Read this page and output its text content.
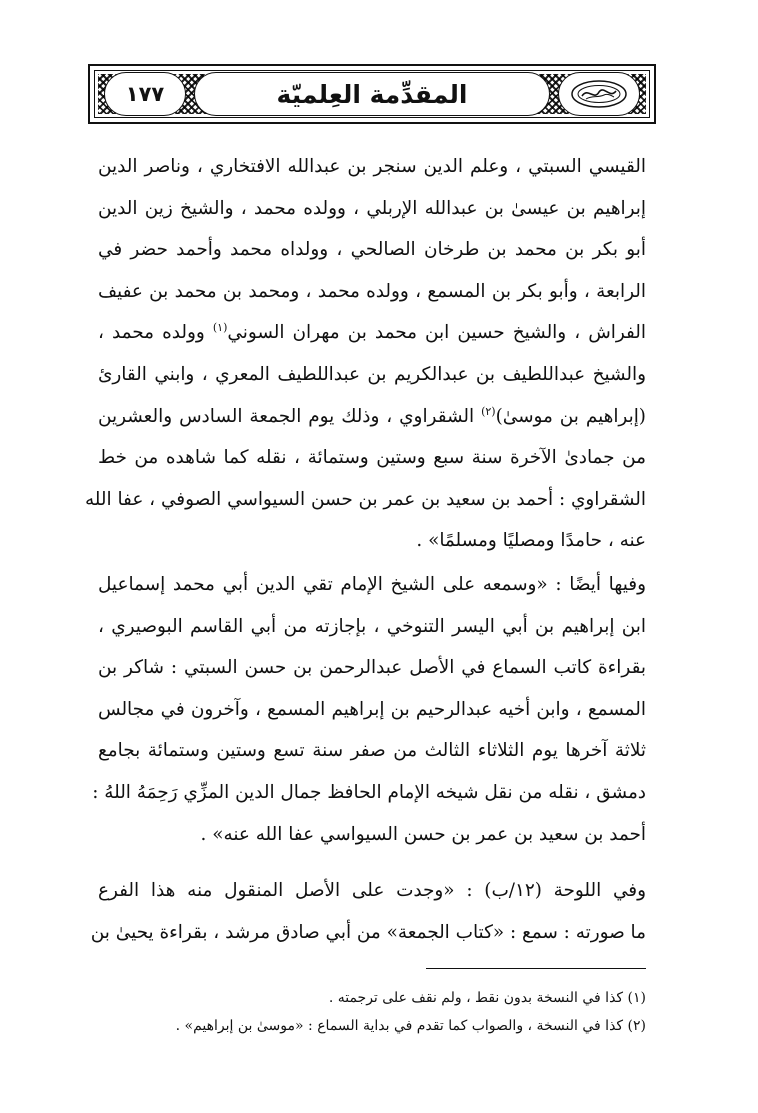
١٧٧	المقدِّمة العِلميّة
القيسي السبتي ، وعلم الدين سنجر بن عبدالله الافتخاري ، وناصر الدين
إبراهيم بن عيسىٰ بن عبدالله الإربلي ، وولده محمد ، والشيخ زين الدين
أبو بكر بن محمد بن طرخان الصالحي ، وولداه محمد وأحمد حضر في
الرابعة ، وأبو بكر بن المسمع ، وولده محمد ، ومحمد بن محمد بن عفيف
الفراش ، والشيخ حسين ابن محمد بن مهران السوني$^{(١)}$ وولده محمد ،
والشيخ عبداللطيف بن عبدالكريم بن عبداللطيف المعري ، وابني القارئ
(إبراهيم بن موسىٰ)$^{(٢)}$ الشقراوي ، وذلك يوم الجمعة السادس والعشرين
من جمادىٰ الآخرة سنة سبع وستين وستمائة ، نقله كما شاهده من خط
الشقراوي : أحمد بن سعيد بن عمر بن حسن السيواسي الصوفي ، عفا الله
عنه ، حامدًا ومصليًا ومسلمًا» .
وفيها أيضًا : «وسمعه على الشيخ الإمام تقي الدين أبي محمد إسماعيل
ابن إبراهيم بن أبي اليسر التنوخي ، بإجازته من أبي القاسم البوصيري ،
بقراءة كاتب السماع في الأصل عبدالرحمن بن حسن السبتي : شاكر بن
المسمع ، وابن أخيه عبدالرحيم بن إبراهيم المسمع ، وآخرون في مجالس
ثلاثة آخرها يوم الثلاثاء الثالث من صفر سنة تسع وستين وستمائة بجامع
دمشق ، نقله من نقل شيخه الإمام الحافظ جمال الدين المزِّي رَحِمَهُ اللهُ :
أحمد بن سعيد بن عمر بن حسن السيواسي عفا الله عنه» .
وفي اللوحة (١٢/ب) : «وجدت على الأصل المنقول منه هذا الفرع
ما صورته : سمع : «كتاب الجمعة» من أبي صادق مرشد ، بقراءة يحيىٰ بن
(١) كذا في النسخة بدون نقط ، ولم نقف على ترجمته .
(٢) كذا في النسخة ، والصواب كما تقدم في بداية السماع : «موسىٰ بن إبراهيم» .
